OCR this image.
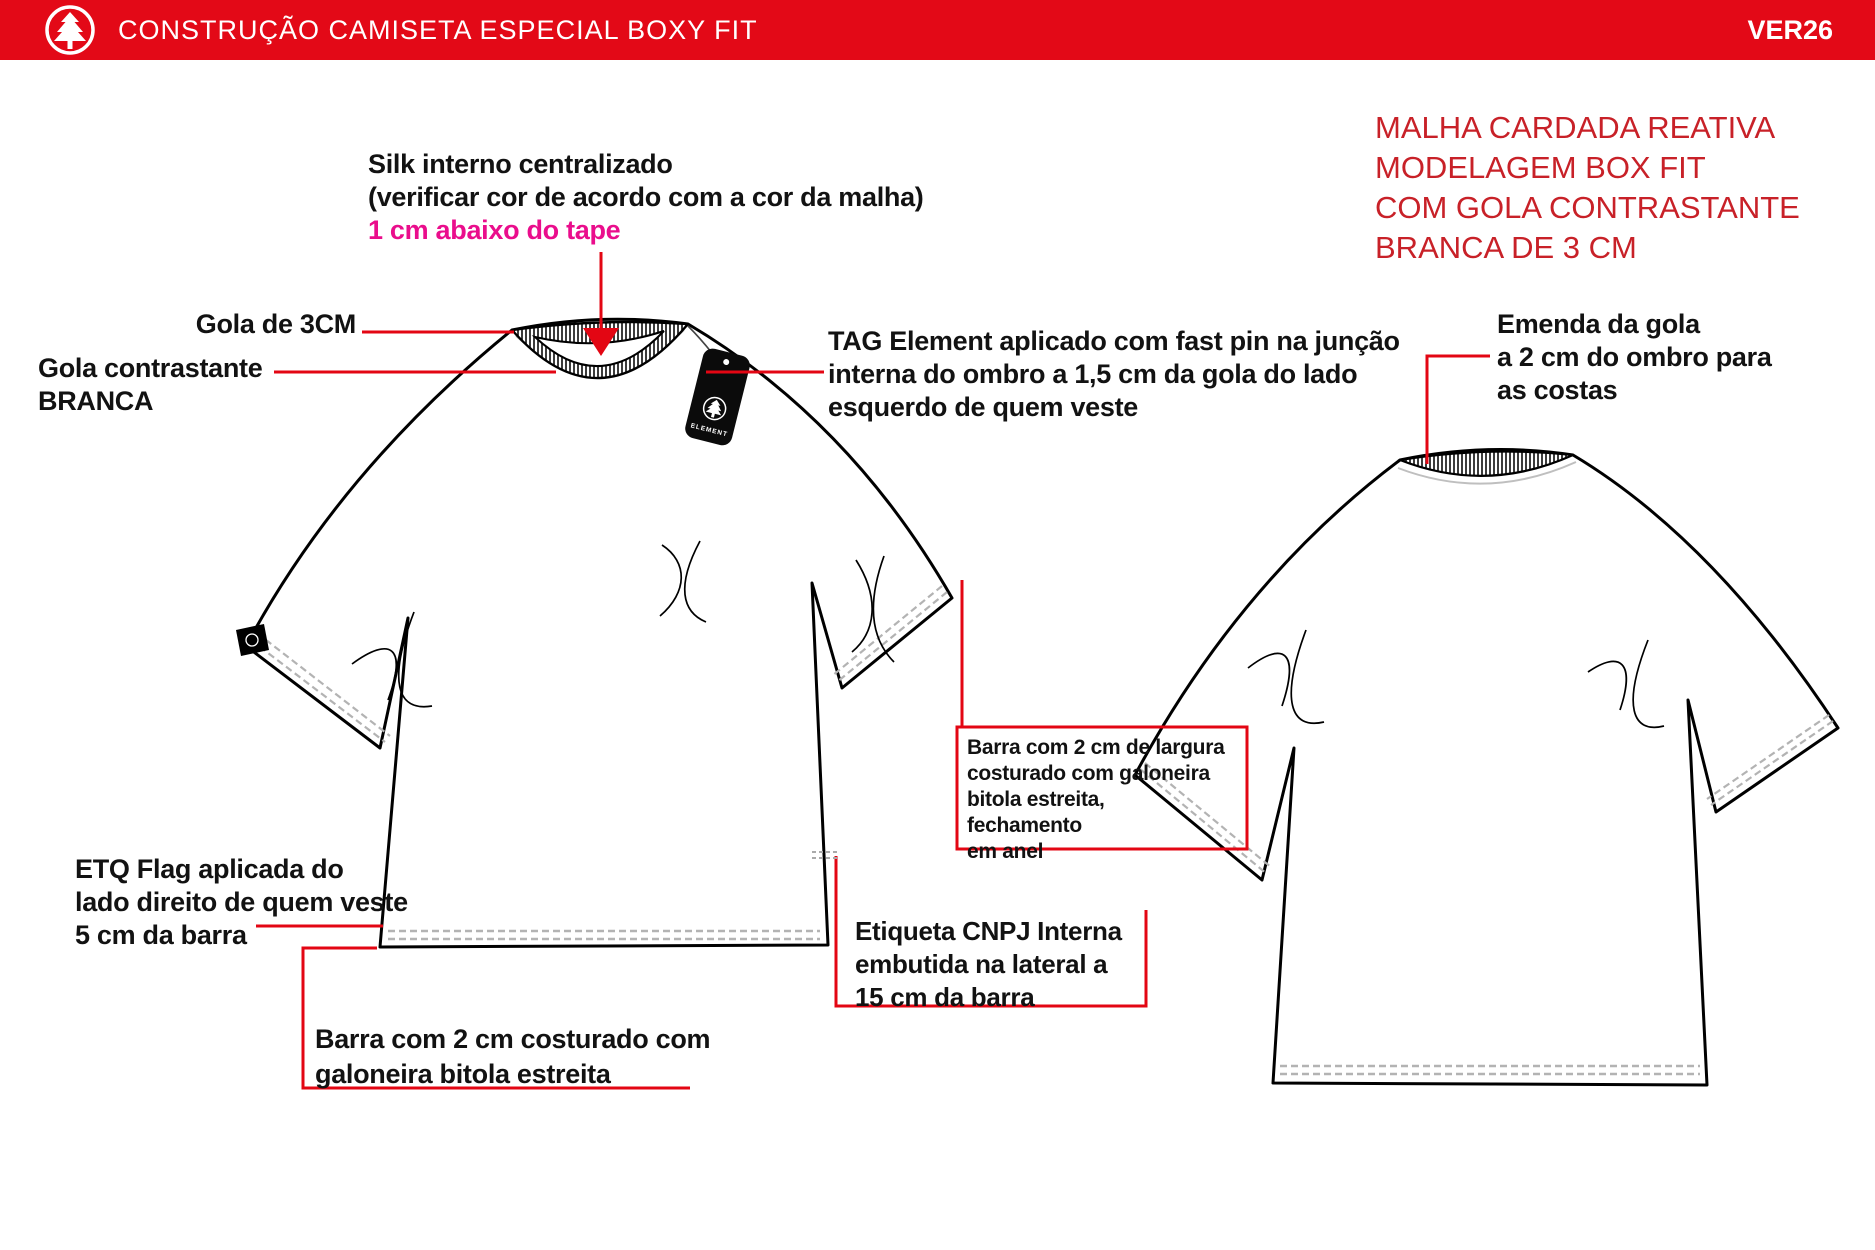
ELEMENT
CONSTRUÇÃO CAMISETA ESPECIAL BOXY FIT	VER26
Silk interno centralizado
(verificar cor de acordo com a cor da malha)
1 cm abaixo do tape
Gola de 3CM
Gola contrastante
BRANCA
TAG Element aplicado com fast pin na junção
interna do ombro a 1,5 cm da gola do lado
esquerdo de quem veste
MALHA CARDADA REATIVA
MODELAGEM BOX FIT
COM GOLA CONTRASTANTE
BRANCA DE 3 CM
Emenda da gola
a 2 cm do ombro para
as costas
Barra com 2 cm de largura
costurado com galoneira
bitola estreita,
fechamento
em anel
ETQ Flag aplicada do
lado direito de quem veste
5 cm da barra	Etiqueta CNPJ Interna
embutida na lateral a
15 cm da barra
Barra com 2 cm costurado com
galoneira bitola estreita
